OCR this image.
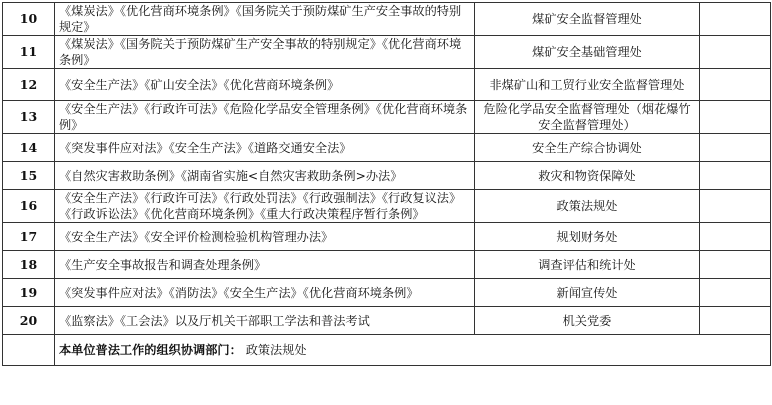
10	《煤炭法》《优化营商环境条例》《国务院关于预防煤矿生产安全事故的特别规定》	煤矿安全监督管理处	
11	《煤炭法》《国务院关于预防煤矿生产安全事故的特别规定》《优化营商环境条例》	煤矿安全基础管理处	
12	《安全生产法》《矿山安全法》《优化营商环境条例》	非煤矿山和工贸行业安全监督管理处	
13	《安全生产法》《行政许可法》《危险化学品安全管理条例》《优化营商环境条例》	危险化学品安全监督管理处（烟花爆竹安全监督管理处）	
14	《突发事件应对法》《安全生产法》《道路交通安全法》	安全生产综合协调处	
15	《自然灾害救助条例》《湖南省实施<自然灾害救助条例>办法》	救灾和物资保障处	
16	《安全生产法》《行政许可法》《行政处罚法》《行政强制法》《行政复议法》《行政诉讼法》《优化营商环境条例》《重大行政决策程序暂行条例》	政策法规处	
17	《安全生产法》《安全评价检测检验机构管理办法》	规划财务处	
18	《生产安全事故报告和调查处理条例》	调查评估和统计处	
19	《突发事件应对法》《消防法》《安全生产法》《优化营商环境条例》	新闻宣传处	
20	《监察法》《工会法》以及厅机关干部职工学法和普法考试	机关党委	
	本单位普法工作的组织协调部门： 政策法规处		
